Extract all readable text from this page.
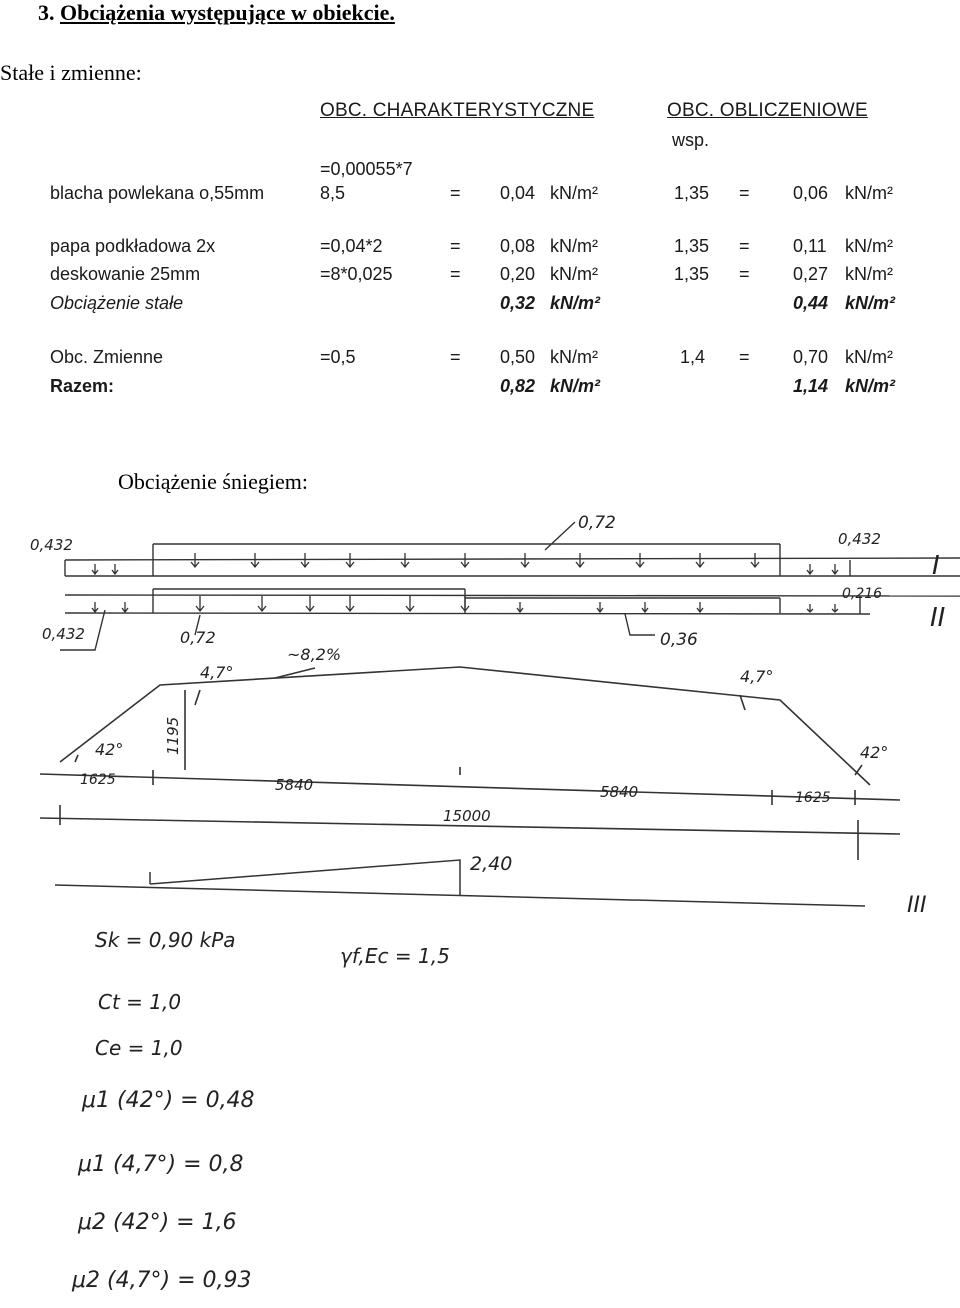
3. Obciążenia występujące w obiekcie.
Stałe i zmienne:
OBC. CHARAKTERYSTYCZNE	OBC. OBLICZENIOWE
wsp.
=0,00055*7
blacha powlekana o,55mm	8,5	= 0,04 kN/m²	1,35 = 0,06 kN/m²
papa podkładowa 2x	=0,04*2	= 0,08 kN/m²	1,35 = 0,11 kN/m²
deskowanie 25mm	=8*0,025	= 0,20 kN/m²	1,35 = 0,27 kN/m²
Obciążenie stałe	0,32 kN/m²	0,44 kN/m²
Obc. Zmienne	=0,5	= 0,50 kN/m²	1,4 = 0,70 kN/m²
Razem:	0,82 kN/m²	1,14 kN/m²
Obciążenie śniegiem:
0,432
0,72
0,432
I
0,432	0,72	0,36
0,216
II
4,7°
~8,2%
4,7°
42°	42°
1195
1625	5840	5840	1625
15000
2,40
III
Sk = 0,90 kPa
γf,Ec = 1,5
Ct = 1,0
Ce = 1,0
μ1 (42°) = 0,48
μ1 (4,7°) = 0,8
μ2 (42°) = 1,6
μ2 (4,7°) = 0,93
